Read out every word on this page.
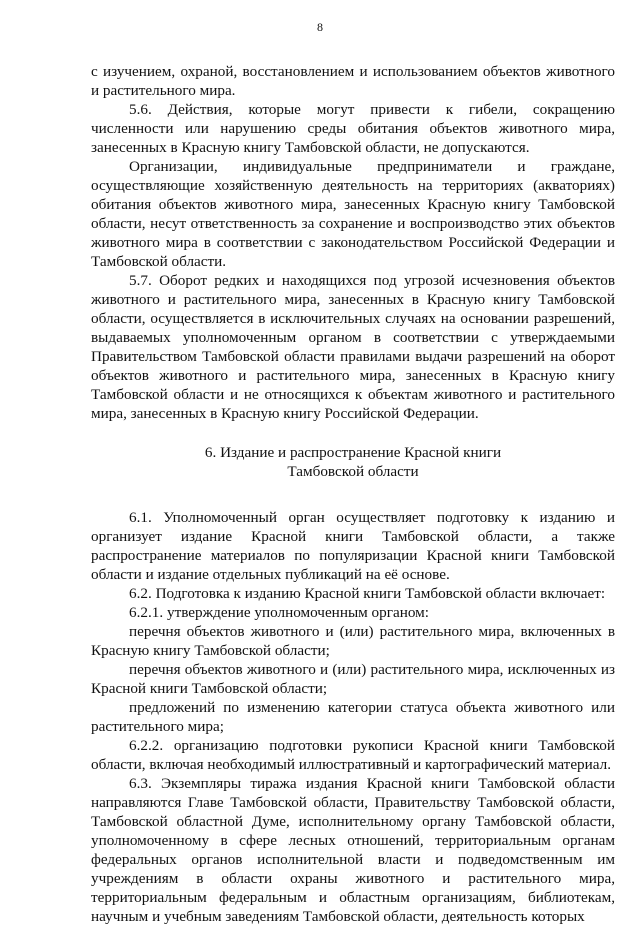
8

с изучением, охраной, восстановлением и использованием объектов животного и растительного мира.

5.6. Действия, которые могут привести к гибели, сокращению численности или нарушению среды обитания объектов животного мира, занесенных в Красную книгу Тамбовской области, не допускаются.

Организации, индивидуальные предприниматели и граждане, осуществляющие хозяйственную деятельность на территориях (акваториях) обитания объектов животного мира, занесенных Красную книгу Тамбовской области, несут ответственность за сохранение и воспроизводство этих объектов животного мира в соответствии с законодательством Российской Федерации и Тамбовской области.

5.7. Оборот редких и находящихся под угрозой исчезновения объектов животного и растительного мира, занесенных в Красную книгу Тамбовской области, осуществляется в исключительных случаях на основании разрешений, выдаваемых уполномоченным органом в соответствии с утверждаемыми Правительством Тамбовской области правилами выдачи разрешений на оборот объектов животного и растительного мира, занесенных в Красную книгу Тамбовской области и не относящихся к объектам животного и растительного мира, занесенных в Красную книгу Российской Федерации.

6. Издание и распространение Красной книги
Тамбовской области

6.1. Уполномоченный орган осуществляет подготовку к изданию и организует издание Красной книги Тамбовской области, а также распространение материалов по популяризации Красной книги Тамбовской области и издание отдельных публикаций на её основе.

6.2. Подготовка к изданию Красной книги Тамбовской области включает:

6.2.1. утверждение уполномоченным органом:

перечня объектов животного и (или) растительного мира, включенных в Красную книгу Тамбовской области;

перечня объектов животного и (или) растительного мира, исключенных из Красной книги Тамбовской области;

предложений по изменению категории статуса объекта животного или растительного мира;

6.2.2. организацию подготовки рукописи Красной книги Тамбовской области, включая необходимый иллюстративный и картографический материал.

6.3. Экземпляры тиража издания Красной книги Тамбовской области направляются Главе Тамбовской области, Правительству Тамбовской области, Тамбовской областной Думе, исполнительному органу Тамбовской области, уполномоченному в сфере лесных отношений, территориальным органам федеральных органов исполнительной власти и подведомственным им учреждениям в области охраны животного и растительного мира, территориальным федеральным и областным организациям, библиотекам, научным и учебным заведениям Тамбовской области, деятельность которых
